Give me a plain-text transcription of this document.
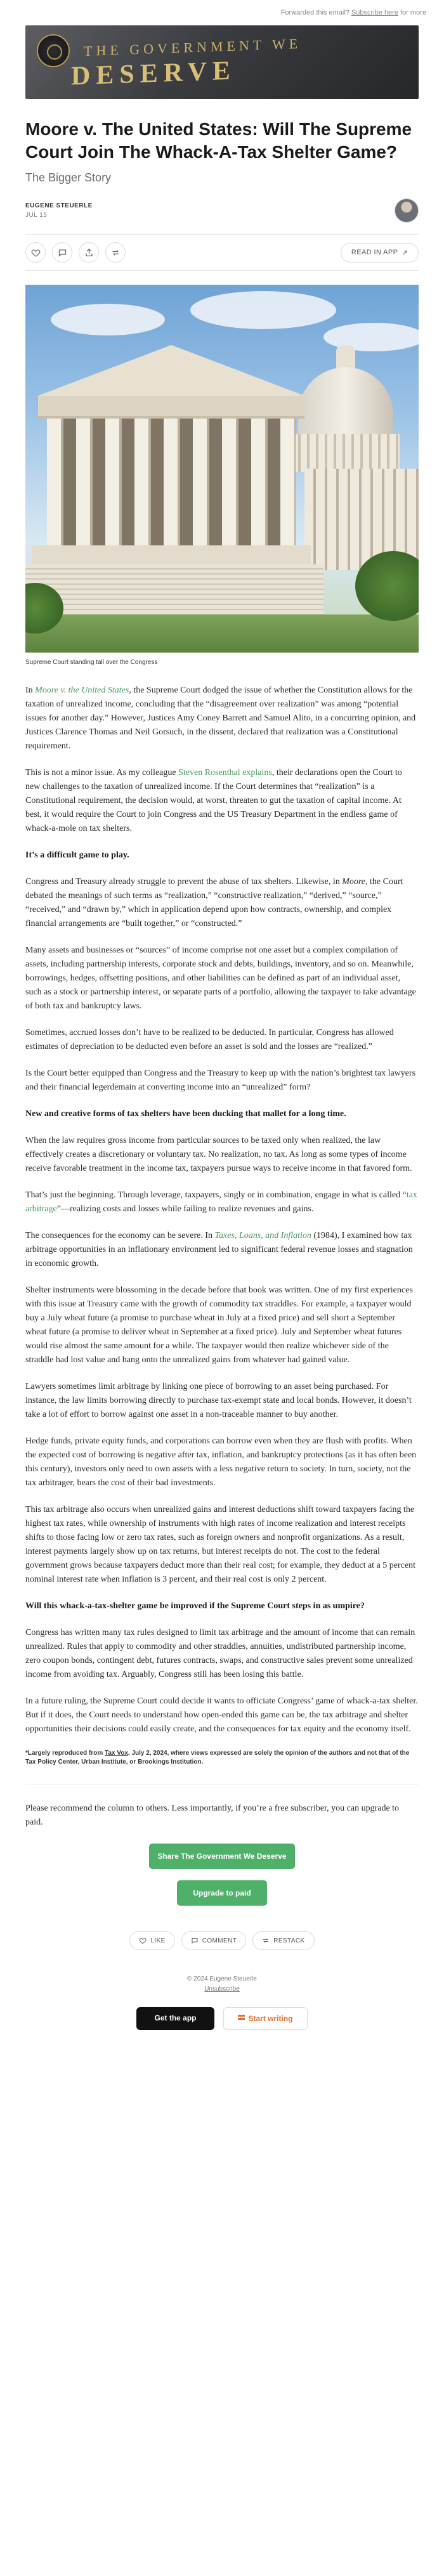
Forwarded this email?
Subscribe here
for more
THE GOVERNMENT WE
DESERVE
Moore v. The United States: Will The Supreme Court Join The Whack-A-Tax Shelter Game?
The Bigger Story
EUGENE STEUERLE
JUL 15
READ IN APP ↗
Supreme Court standing tall over the Congress

In Moore v. the United States, the Supreme Court dodged the issue of whether the Constitution allows for the taxation of unrealized income, concluding that the “disagreement over realization” was among “potential issues for another day.” However, Justices Amy Coney Barrett and Samuel Alito, in a concurring opinion, and Justices Clarence Thomas and Neil Gorsuch, in the dissent, declared that realization was a Constitutional requirement.

This is not a minor issue. As my colleague Steven Rosenthal explains, their declarations open the Court to new challenges to the taxation of unrealized income. If the Court determines that “realization” is a Constitutional requirement, the decision would, at worst, threaten to gut the taxation of capital income. At best, it would require the Court to join Congress and the US Treasury Department in the endless game of whack-a-mole on tax shelters.

It’s a difficult game to play.

Congress and Treasury already struggle to prevent the abuse of tax shelters. Likewise, in Moore, the Court debated the meanings of such terms as “realization,” “constructive realization,” “derived,” “source,” “received,” and “drawn by,” which in application depend upon how contracts, ownership, and complex financial arrangements are “built together,” or “constructed.”

Many assets and businesses or “sources” of income comprise not one asset but a complex compilation of assets, including partnership interests, corporate stock and debts, buildings, inventory, and so on. Meanwhile, borrowings, hedges, offsetting positions, and other liabilities can be defined as part of an individual asset, such as a stock or partnership interest, or separate parts of a portfolio, allowing the taxpayer to take advantage of both tax and bankruptcy laws.

Sometimes, accrued losses don’t have to be realized to be deducted. In particular, Congress has allowed estimates of depreciation to be deducted even before an asset is sold and the losses are “realized.”

Is the Court better equipped than Congress and the Treasury to keep up with the nation’s brightest tax lawyers and their financial legerdemain at converting income into an “unrealized” form?

New and creative forms of tax shelters have been ducking that mallet for a long time.

When the law requires gross income from particular sources to be taxed only when realized, the law effectively creates a discretionary or voluntary tax. No realization, no tax. As long as some types of income receive favorable treatment in the income tax, taxpayers pursue ways to receive income in that favored form.

That’s just the beginning. Through leverage, taxpayers, singly or in combination, engage in what is called “tax arbitrage”—realizing costs and losses while failing to realize revenues and gains.

The consequences for the economy can be severe. In Taxes, Loans, and Inflation (1984), I examined how tax arbitrage opportunities in an inflationary environment led to significant federal revenue losses and stagnation in economic growth.

Shelter instruments were blossoming in the decade before that book was written. One of my first experiences with this issue at Treasury came with the growth of commodity tax straddles. For example, a taxpayer would buy a July wheat future (a promise to purchase wheat in July at a fixed price) and sell short a September wheat future (a promise to deliver wheat in September at a fixed price). July and September wheat futures would rise almost the same amount for a while. The taxpayer would then realize whichever side of the straddle had lost value and hang onto the unrealized gains from whatever had gained value.

Lawyers sometimes limit arbitrage by linking one piece of borrowing to an asset being purchased. For instance, the law limits borrowing directly to purchase tax-exempt state and local bonds. However, it doesn’t take a lot of effort to borrow against one asset in a non-traceable manner to buy another.

Hedge funds, private equity funds, and corporations can borrow even when they are flush with profits. When the expected cost of borrowing is negative after tax, inflation, and bankruptcy protections (as it has often been this century), investors only need to own assets with a less negative return to society. In turn, society, not the tax arbitrager, bears the cost of their bad investments.

This tax arbitrage also occurs when unrealized gains and interest deductions shift toward taxpayers facing the highest tax rates, while ownership of instruments with high rates of income realization and interest receipts shifts to those facing low or zero tax rates, such as foreign owners and nonprofit organizations. As a result, interest payments largely show up on tax returns, but interest receipts do not. The cost to the federal government grows because taxpayers deduct more than their real cost; for example, they deduct at a 5 percent nominal interest rate when inflation is 3 percent, and their real cost is only 2 percent.

Will this whack-a-tax-shelter game be improved if the Supreme Court steps in as umpire?

Congress has written many tax rules designed to limit tax arbitrage and the amount of income that can remain unrealized. Rules that apply to commodity and other straddles, annuities, undistributed partnership income, zero coupon bonds, contingent debt, futures contracts, swaps, and constructive sales prevent some unrealized income from avoiding tax. Arguably, Congress still has been losing this battle.

In a future ruling, the Supreme Court could decide it wants to officiate Congress’ game of whack-a-tax shelter. But if it does, the Court needs to understand how open-ended this game can be, the tax arbitrage and shelter opportunities their decisions could easily create, and the consequences for tax equity and the economy itself.

*Largely reproduced from Tax Vox, July 2, 2024, where views expressed are solely the opinion of the authors and not that of the Tax Policy Center, Urban Institute, or Brookings Institution.

Please recommend the column to others. Less importantly, if you’re a free subscriber, you can upgrade to paid.

Share The Government We Deserve
Upgrade to paid
LIKE	COMMENT	RESTACK
© 2024 Eugene Steuerle
Unsubscribe
Get the app	Start writing
